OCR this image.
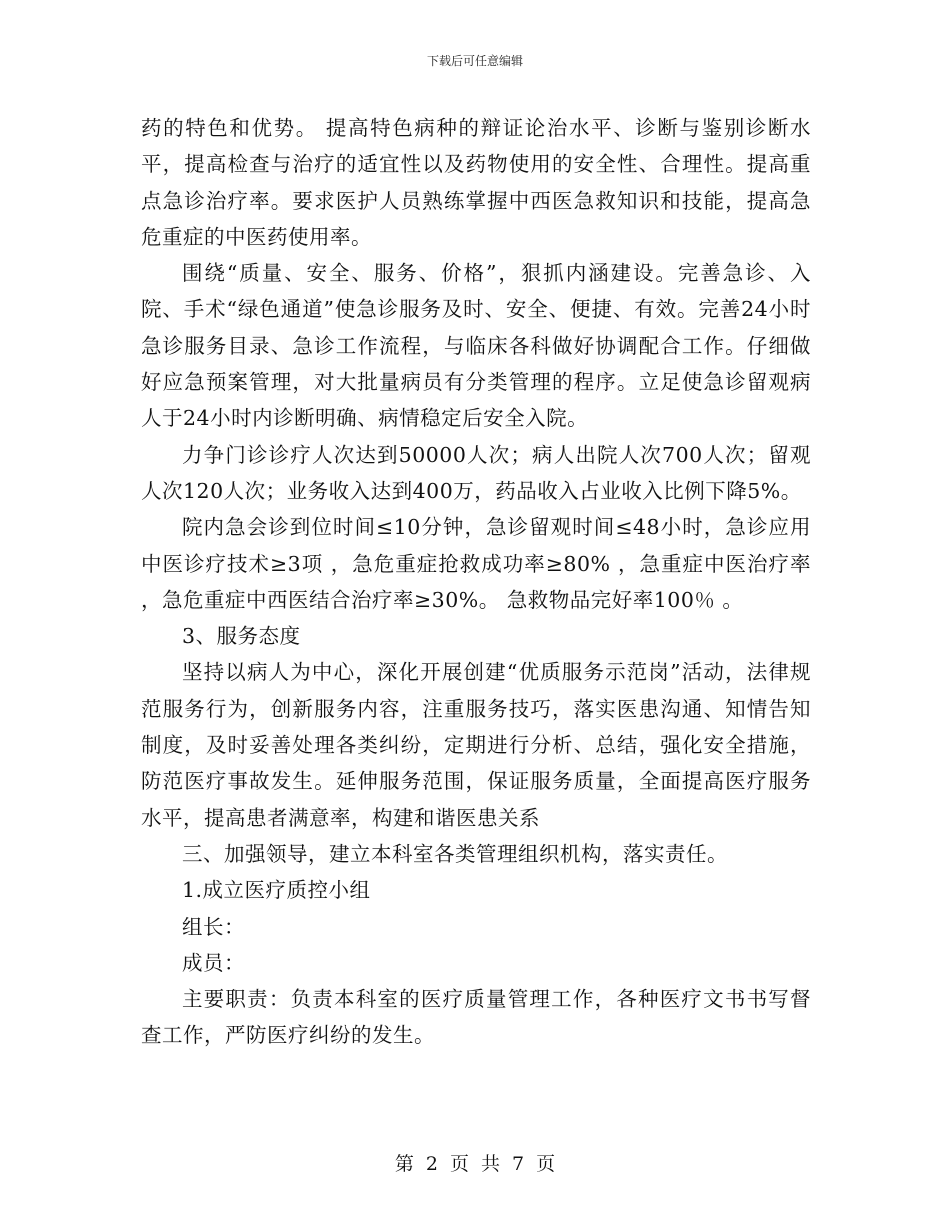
下载后可任意编辑

药的特色和优势。 提高特色病种的辩证论治水平、诊断与鉴别诊断水平，提高检查与治疗的适宜性以及药物使用的安全性、合理性。提高重点急诊治疗率。要求医护人员熟练掌握中西医急救知识和技能，提高急危重症的中医药使用率。

围绕“质量、安全、服务、价格”，狠抓内涵建设。完善急诊、入院、手术“绿色通道”使急诊服务及时、安全、便捷、有效。完善24小时急诊服务目录、急诊工作流程，与临床各科做好协调配合工作。仔细做好应急预案管理，对大批量病员有分类管理的程序。立足使急诊留观病人于24小时内诊断明确、病情稳定后安全入院。

力争门诊诊疗人次达到50000人次；病人出院人次700人次；留观人次120人次；业务收入达到400万，药品收入占业收入比例下降5%。

院内急会诊到位时间≤10分钟，急诊留观时间≤48小时，急诊应用中医诊疗技术≥3项 ，急危重症抢救成功率≥80% ，急重症中医治疗率 ，急危重症中西医结合治疗率≥30%。 急救物品完好率100％ 。

3、服务态度

坚持以病人为中心，深化开展创建“优质服务示范岗”活动，法律规范服务行为，创新服务内容，注重服务技巧，落实医患沟通、知情告知制度，及时妥善处理各类纠纷，定期进行分析、总结，强化安全措施，防范医疗事故发生。延伸服务范围，保证服务质量，全面提高医疗服务水平，提高患者满意率，构建和谐医患关系

三、加强领导，建立本科室各类管理组织机构，落实责任。

1.成立医疗质控小组

组长：

成员：

主要职责：负责本科室的医疗质量管理工作，各种医疗文书书写督查工作，严防医疗纠纷的发生。

第 2 页 共 7 页
